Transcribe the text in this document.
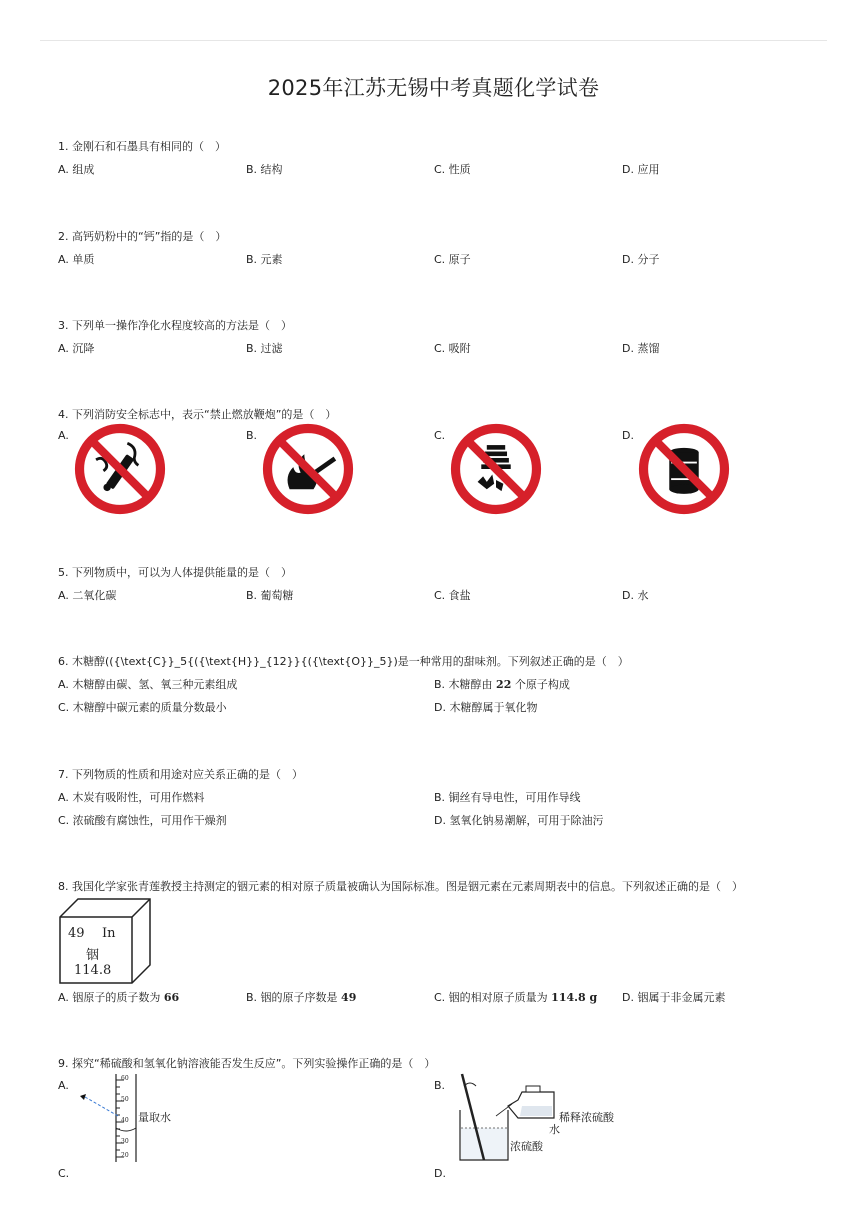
2025年江苏无锡中考真题化学试卷
1. 金刚石和石墨具有相同的（　）
A. 组成	B. 结构	C. 性质	D. 应用
2. 高钙奶粉中的“钙”指的是（　）
A. 单质	B. 元素	C. 原子	D. 分子
3. 下列单一操作净化水程度较高的方法是（　）
A. 沉降	B. 过滤	C. 吸附	D. 蒸馏
4. 下列消防安全标志中，表示“禁止燃放鞭炮”的是（　）
A.	B.	C.	D.
5. 下列物质中，可以为人体提供能量的是（　）
A. 二氧化碳	B. 葡萄糖	C. 食盐	D. 水
6. 木糖醇(({\text{C}}_5{({\text{H}}_{12}}{({\text{O}}_5})是一种常用的甜味剂。下列叙述正确的是（　）
A. 木糖醇由碳、氢、氧三种元素组成	B. 木糖醇由 22 个原子构成
C. 木糖醇中碳元素的质量分数最小	D. 木糖醇属于氧化物
7. 下列物质的性质和用途对应关系正确的是（　）
A. 木炭有吸附性，可用作燃料	B. 铜丝有导电性，可用作导线
C. 浓硫酸有腐蚀性，可用作干燥剂	D. 氢氧化钠易潮解，可用于除油污
8. 我国化学家张青莲教授主持测定的铟元素的相对原子质量被确认为国际标准。图是铟元素在元素周期表中的信息。下列叙述正确的是（　）
49 In
铟
114.8
A. 铟原子的质子数为 66	B. 铟的原子序数是 49	C. 铟的相对原子质量为 114.8 g D. 铟属于非金属元素
9. 探究“稀硫酸和氢氧化钠溶液能否发生反应”。下列实验操作正确的是（　）
A.	B.
C.	D.
60
50
40
30
20
量取水	稀释浓硫酸
水
浓硫酸
